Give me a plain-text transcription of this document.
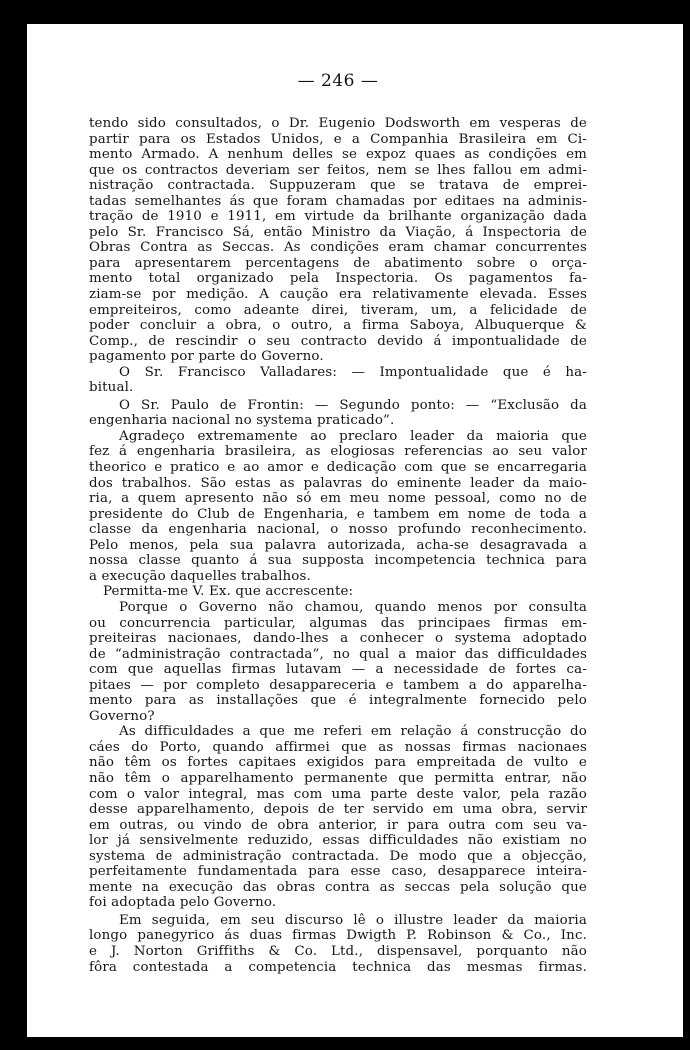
— 246 —
tendo sido consultados, o Dr. Eugenio Dodsworth em vesperas de
partir para os Estados Unidos, e a Companhia Brasileira em Ci-
mento Armado. A nenhum delles se expoz quaes as condições em
que os contractos deveriam ser feitos, nem se lhes fallou em admi-
nistração contractada. Suppuzeram que se tratava de emprei-
tadas semelhantes ás que foram chamadas por editaes na adminis-
tração de 1910 e 1911, em virtude da brilhante organização dada
pelo Sr. Francisco Sá, então Ministro da Viação, á Inspectoria de
Obras Contra as Seccas. As condições eram chamar concurrentes
para apresentarem percentagens de abatimento sobre o orça-
mento total organizado pela Inspectoria. Os pagamentos fa-
ziam-se por medição. A caução era relativamente elevada. Esses
empreiteiros, como adeante direi, tiveram, um, a felicidade de
poder concluir a obra, o outro, a firma Saboya, Albuquerque &
Comp., de rescindir o seu contracto devido á impontualidade de
pagamento por parte do Governo.
O Sr. Francisco Valladares: — Impontualidade que é ha-
bitual.
O Sr. Paulo de Frontin: — Segundo ponto: — “Exclusão da
engenharia nacional no systema praticado”.
Agradeço extremamente ao preclaro leader da maioria que
fez á engenharia brasileira, as elogiosas referencias ao seu valor
theorico e pratico e ao amor e dedicação com que se encarregaria
dos trabalhos. São estas as palavras do eminente leader da maio-
ria, a quem apresento não só em meu nome pessoal, como no de
presidente do Club de Engenharia, e tambem em nome de toda a
classe da engenharia nacional, o nosso profundo reconhecimento.
Pelo menos, pela sua palavra autorizada, acha-se desagravada a
nossa classe quanto á sua supposta incompetencia technica para
a execução daquelles trabalhos.
Permitta-me V. Ex. que accrescente:
Porque o Governo não chamou, quando menos por consulta
ou concurrencia particular, algumas das principaes firmas em-
preiteiras nacionaes, dando-lhes a conhecer o systema adoptado
de “administração contractada”, no qual a maior das difficuldades
com que aquellas firmas lutavam — a necessidade de fortes ca-
pitaes — por completo desappareceria e tambem a do apparelha-
mento para as installações que é integralmente fornecido pelo
Governo?
As difficuldades a que me referi em relação á construcção do
cáes do Porto, quando affirmei que as nossas firmas nacionaes
não têm os fortes capitaes exigidos para empreitada de vulto e
não têm o apparelhamento permanente que permitta entrar, não
com o valor integral, mas com uma parte deste valor, pela razão
desse apparelhamento, depois de ter servido em uma obra, servir
em outras, ou vindo de obra anterior, ir para outra com seu va-
lor já sensivelmente reduzido, essas difficuldades não existiam no
systema de administração contractada. De modo que a objecção,
perfeitamente fundamentada para esse caso, desapparece inteira-
mente na execução das obras contra as seccas pela solução que
foi adoptada pelo Governo.
Em seguida, em seu discurso lê o illustre leader da maioria
longo panegyrico ás duas firmas Dwigth P. Robinson & Co., Inc.
e J. Norton Griffiths & Co. Ltd., dispensavel, porquanto não
fôra contestada a competencia technica das mesmas firmas.
